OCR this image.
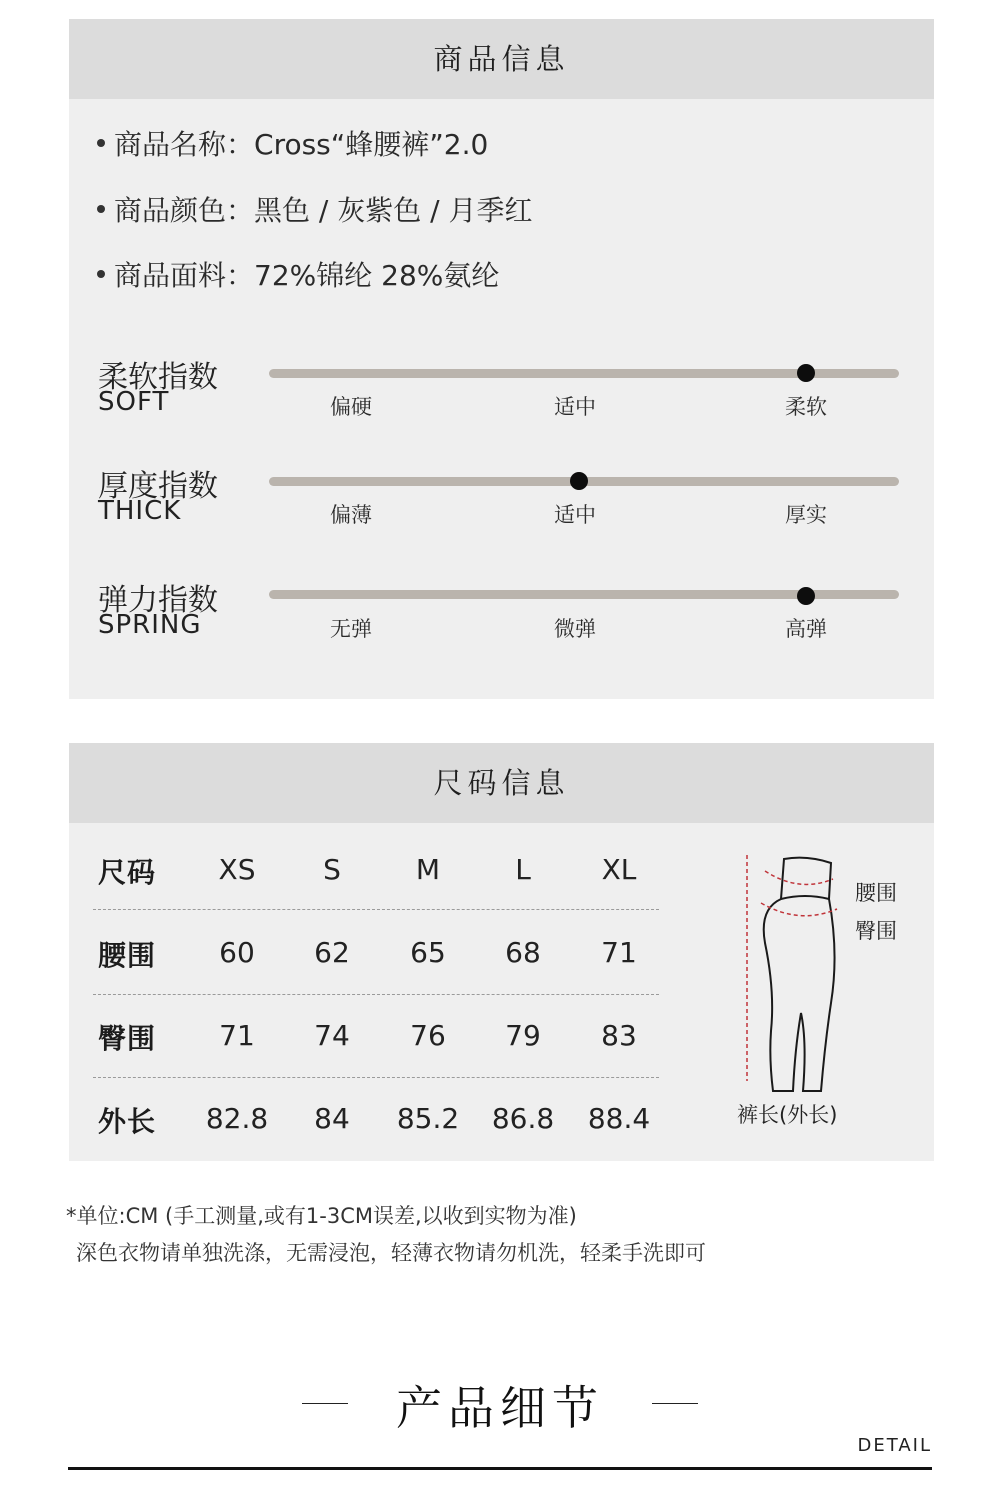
商品信息
商品名称：Cross“蜂腰裤”2.0
商品颜色：黑色 / 灰紫色 / 月季红
商品面料：72%锦纶 28%氨纶
柔软指数
SOFT	偏硬	适中	柔软
厚度指数
THICK	偏薄	适中	厚实
弹力指数
SPRING	无弹	微弹	高弹
尺码信息
尺码	XS	S	M	L	XL
腰围	60	62	65	68	71
臀围	71	74	76	79	83
外长	82.8	84	85.2	86.8	88.4
腰围
臀围
裤长(外长)
*单位:CM (手工测量,或有1-3CM误差,以收到实物为准)
深色衣物请单独洗涤，无需浸泡，轻薄衣物请勿机洗，轻柔手洗即可
产品细节
DETAIL
